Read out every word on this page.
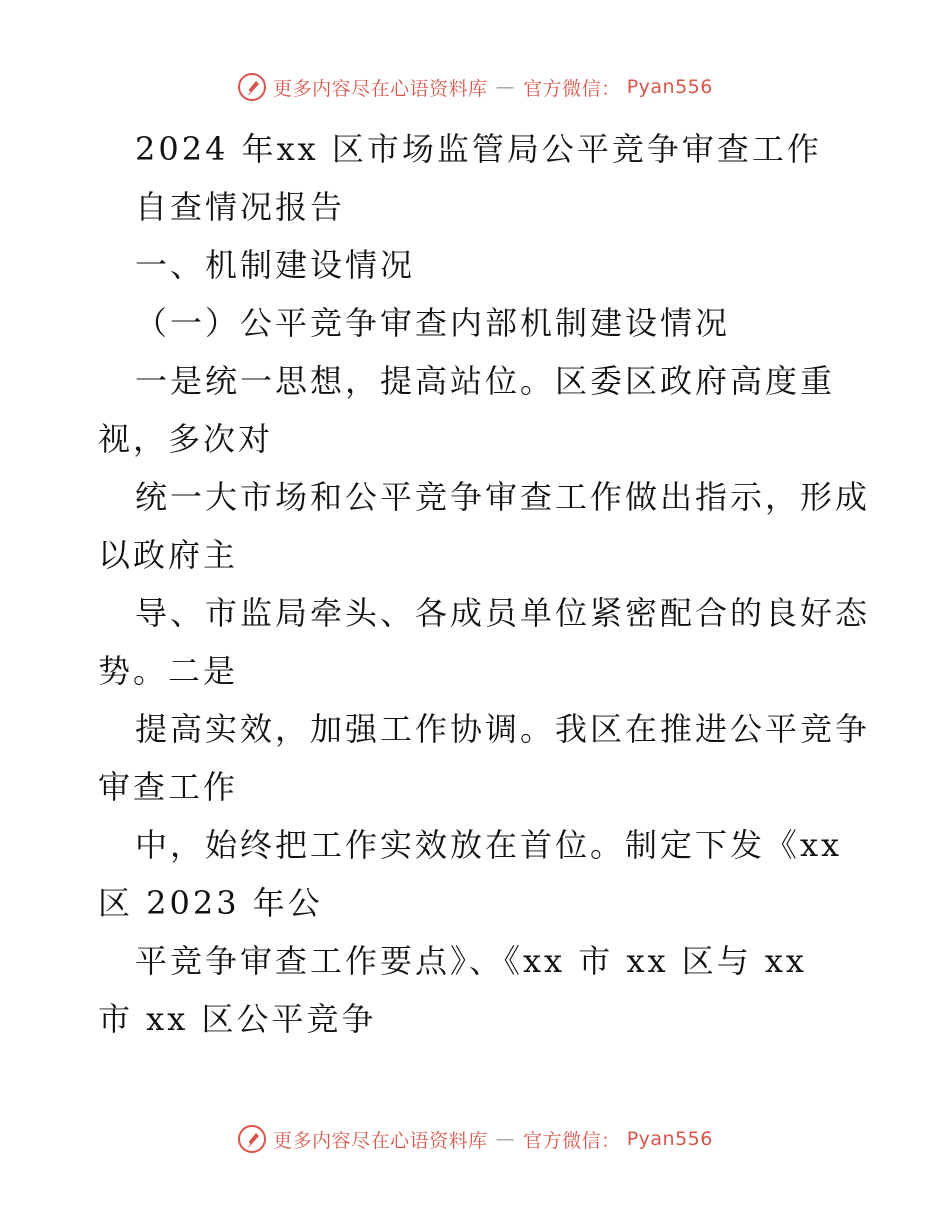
更多内容尽在心语资料库 — 官方微信： Pyan556
2024 年xx 区市场监管局公平竞争审查工作
自查情况报告
一、机制建设情况
（一）公平竞争审查内部机制建设情况
一是统一思想，提高站位。区委区政府高度重
视，多次对
统一大市场和公平竞争审查工作做出指示，形成
以政府主
导、市监局牵头、各成员单位紧密配合的良好态
势。二是
提高实效，加强工作协调。我区在推进公平竞争
审查工作
中，始终把工作实效放在首位。制定下发《xx
区 2023 年公
平竞争审查工作要点》、《xx 市 xx 区与 xx
市 xx 区公平竞争
更多内容尽在心语资料库 — 官方微信： Pyan556
